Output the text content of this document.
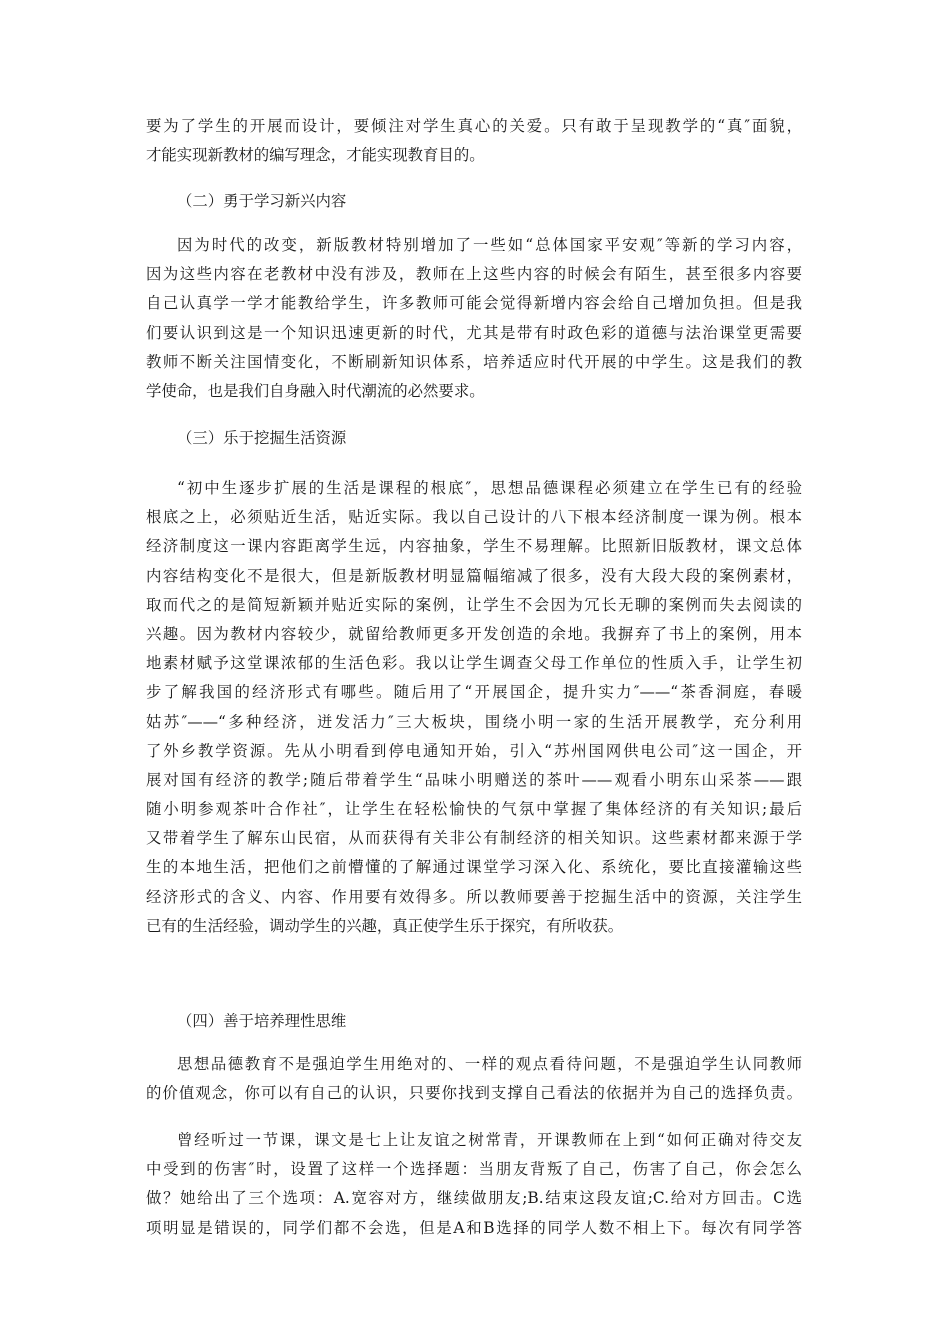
要为了学生的开展而设计，要倾注对学生真心的关爱。只有敢于呈现教学的“真″面貌，
才能实现新教材的编写理念，才能实现教育目的。
（二）勇于学习新兴内容
因为时代的改变，新版教材特别增加了一些如“总体国家平安观″等新的学习内容，
因为这些内容在老教材中没有涉及，教师在上这些内容的时候会有陌生，甚至很多内容要
自己认真学一学才能教给学生，许多教师可能会觉得新增内容会给自己增加负担。但是我
们要认识到这是一个知识迅速更新的时代，尤其是带有时政色彩的道德与法治课堂更需要
教师不断关注国情变化，不断刷新知识体系，培养适应时代开展的中学生。这是我们的教
学使命，也是我们自身融入时代潮流的必然要求。
（三）乐于挖掘生活资源
“初中生逐步扩展的生活是课程的根底″，思想品德课程必须建立在学生已有的经验
根底之上，必须贴近生活，贴近实际。我以自己设计的八下根本经济制度一课为例。根本
经济制度这一课内容距离学生远，内容抽象，学生不易理解。比照新旧版教材，课文总体
内容结构变化不是很大，但是新版教材明显篇幅缩减了很多，没有大段大段的案例素材，
取而代之的是简短新颖并贴近实际的案例，让学生不会因为冗长无聊的案例而失去阅读的
兴趣。因为教材内容较少，就留给教师更多开发创造的余地。我摒弃了书上的案例，用本
地素材赋予这堂课浓郁的生活色彩。我以让学生调查父母工作单位的性质入手，让学生初
步了解我国的经济形式有哪些。随后用了“开展国企，提升实力″——“茶香洞庭，春暖
姑苏″——“多种经济，迸发活力″三大板块，围绕小明一家的生活开展教学，充分利用
了外乡教学资源。先从小明看到停电通知开始，引入“苏州国网供电公司″这一国企，开
展对国有经济的教学;随后带着学生“品味小明赠送的茶叶——观看小明东山采茶——跟
随小明参观茶叶合作社″，让学生在轻松愉快的气氛中掌握了集体经济的有关知识;最后
又带着学生了解东山民宿，从而获得有关非公有制经济的相关知识。这些素材都来源于学
生的本地生活，把他们之前懵懂的了解通过课堂学习深入化、系统化，要比直接灌输这些
经济形式的含义、内容、作用要有效得多。所以教师要善于挖掘生活中的资源，关注学生
已有的生活经验，调动学生的兴趣，真正使学生乐于探究，有所收获。
（四）善于培养理性思维
思想品德教育不是强迫学生用绝对的、一样的观点看待问题，不是强迫学生认同教师
的价值观念，你可以有自己的认识，只要你找到支撑自己看法的依据并为自己的选择负责。
曾经听过一节课，课文是七上让友谊之树常青，开课教师在上到“如何正确对待交友
中受到的伤害″时，设置了这样一个选择题：当朋友背叛了自己，伤害了自己，你会怎么
做？她给出了三个选项：A.宽容对方，继续做朋友;B.结束这段友谊;C.给对方回击。C选
项明显是错误的，同学们都不会选，但是A和B选择的同学人数不相上下。每次有同学答
